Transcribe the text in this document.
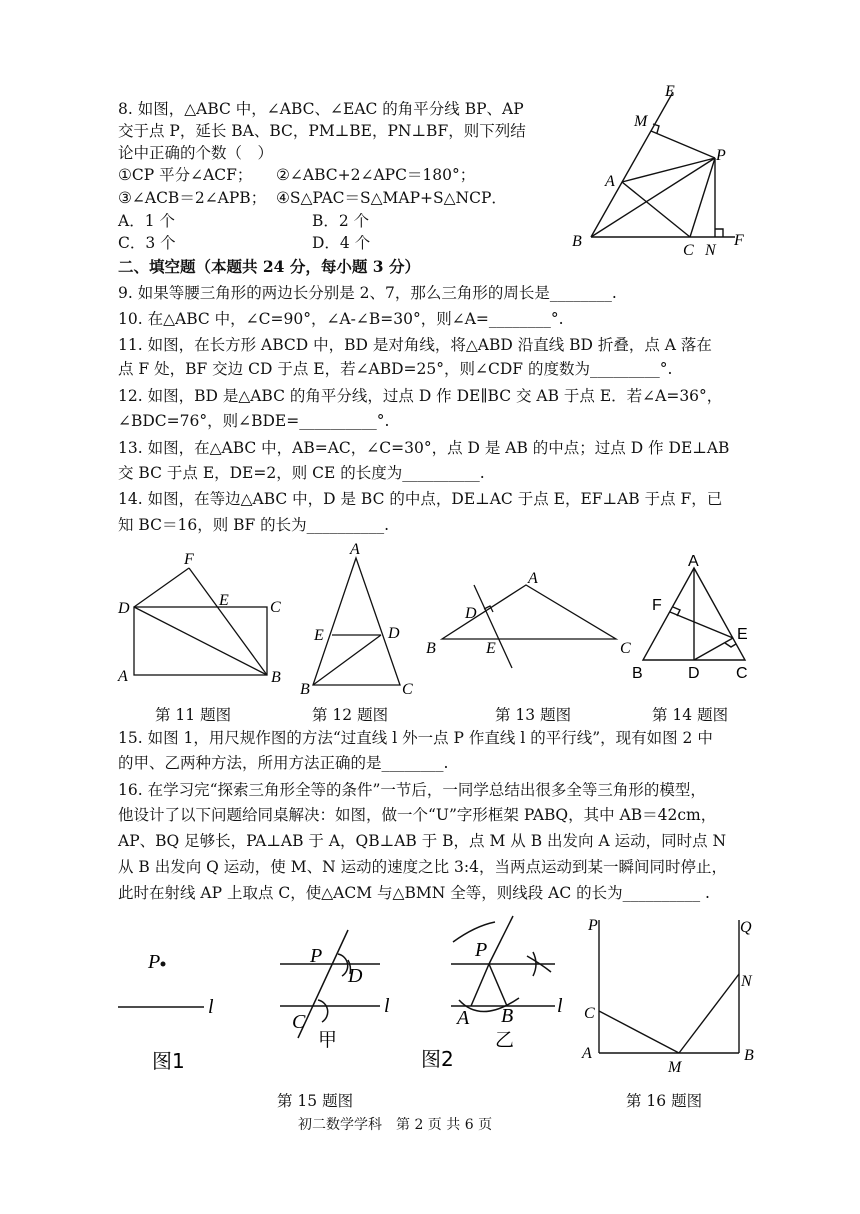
8. 如图，△ABC 中，∠ABC、∠EAC 的角平分线 BP、AP
交于点 P，延长 BA、BC，PM⊥BE，PN⊥BF，则下列结
论中正确的个数（　）
①CP 平分∠ACF； ②∠ABC+2∠APC＝180°；
③∠ACB＝2∠APB； ④S△PAC＝S△MAP+S△NCP．
A．1 个	B．2 个
C．3 个	D．4 个
E
M
P
A
B
C N
F
二、填空题（本题共 24 分，每小题 3 分）
9. 如果等腰三角形的两边长分别是 2、7，那么三角形的周长是________.
10. 在△ABC 中，∠C=90°，∠A-∠B=30°，则∠A=________°.
11. 如图，在长方形 ABCD 中，BD 是对角线，将△ABD 沿直线 BD 折叠，点 A 落在
点 F 处，BF 交边 CD 于点 E，若∠ABD=25°，则∠CDF 的度数为_________°.
12. 如图，BD 是△ABC 的角平分线，过点 D 作 DE∥BC 交 AB 于点 E．若∠A=36°，
∠BDC=76°，则∠BDE=__________°.
13. 如图，在△ABC 中，AB=AC，∠C=30°，点 D 是 AB 的中点；过点 D 作 DE⊥AB
交 BC 于点 E，DE=2，则 CE 的长度为__________.
14. 如图，在等边△ABC 中，D 是 BC 的中点，DE⊥AC 于点 E，EF⊥AB 于点 F，已
知 BC＝16，则 BF 的长为__________.
F
D	E	C
A	B
A
E	D
B	C
A
D
B	E	C
A
F
E
B	D C
第 11 题图	第 12 题图	第 13 题图	第 14 题图
15. 如图 1，用尺规作图的方法“过直线 l 外一点 P 作直线 l 的平行线”，现有如图 2 中
的甲、乙两种方法，所用方法正确的是________.
16. 在学习完“探索三角形全等的条件”一节后，一同学总结出很多全等三角形的模型，
他设计了以下问题给同桌解决：如图，做一个“U”字形框架 PABQ，其中 AB＝42cm，
AP、BQ 足够长，PA⊥AB 于 A，QB⊥AB 于 B，点 M 从 B 出发向 A 运动，同时点 N
从 B 出发向 Q 运动，使 M、N 运动的速度之比 3:4，当两点运动到某一瞬间同时停止，
此时在射线 AP 上取点 C，使△ACM 与△BMN 全等，则线段 AC 的长为__________ .
P
l
图1
P
D
C
l
甲
P
A B l
乙
图2
P	Q
C
N
A	B
M
第 15 题图	第 16 题图
初二数学学科　第 2 页 共 6 页
